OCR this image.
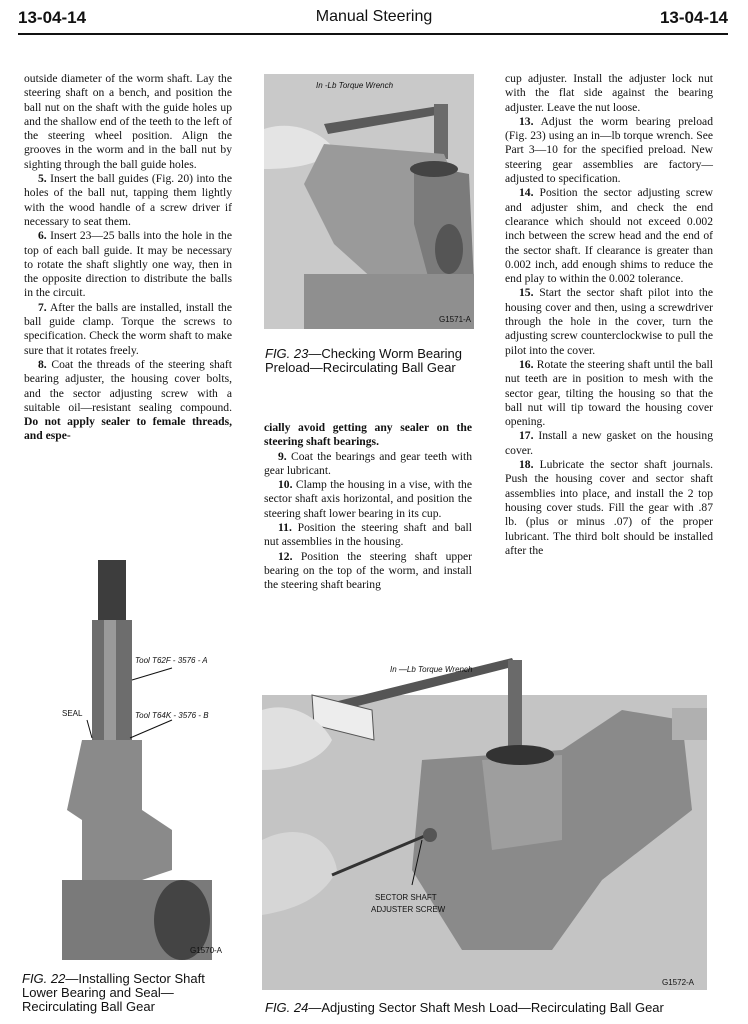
13-04-14	Manual Steering	13-04-14

outside diameter of the worm shaft. Lay the steering shaft on a bench, and position the ball nut on the shaft with the guide holes up and the shallow end of the teeth to the left of the steering wheel position. Align the grooves in the worm and in the ball nut by sighting through the ball guide holes.

5. Insert the ball guides (Fig. 20) into the holes of the ball nut, tapping them lightly with the wood handle of a screw driver if necessary to seat them.

6. Insert 23—25 balls into the hole in the top of each ball guide. It may be necessary to rotate the shaft slightly one way, then in the opposite direction to distribute the balls in the circuit.

7. After the balls are installed, install the ball guide clamp. Torque the screws to specification. Check the worm shaft to make sure that it rotates freely.

8. Coat the threads of the steering shaft bearing adjuster, the housing cover bolts, and the sector adjusting screw with a suitable oil—resistant sealing compound. Do not apply sealer to female threads, and espe-

cially avoid getting any sealer on the steering shaft bearings.

9. Coat the bearings and gear teeth with gear lubricant.

10. Clamp the housing in a vise, with the sector shaft axis horizontal, and position the steering shaft lower bearing in its cup.

11. Position the steering shaft and ball nut assemblies in the housing.

12. Position the steering shaft upper bearing on the top of the worm, and install the steering shaft bearing

cup adjuster. Install the adjuster lock nut with the flat side against the bearing adjuster. Leave the nut loose.

13. Adjust the worm bearing preload (Fig. 23) using an in—lb torque wrench. See Part 3—10 for the specified preload. New steering gear assemblies are factory—adjusted to specification.

14. Position the sector adjusting screw and adjuster shim, and check the end clearance which should not exceed 0.002 inch between the screw head and the end of the sector shaft. If clearance is greater than 0.002 inch, add enough shims to reduce the end play to within the 0.002 tolerance.

15. Start the sector shaft pilot into the housing cover and then, using a screwdriver through the hole in the cover, turn the adjusting screw counterclockwise to pull the pilot into the cover.

16. Rotate the steering shaft until the ball nut teeth are in position to mesh with the sector gear, tilting the housing so that the ball nut will tip toward the housing cover opening.

17. Install a new gasket on the housing cover.

18. Lubricate the sector shaft journals. Push the housing cover and sector shaft assemblies into place, and install the 2 top housing cover studs. Fill the gear with .87 lb. (plus or minus .07) of the proper lubricant. The third bolt should be installed after the

In -Lb Torque Wrench
G1571-A
FIG. 23—Checking Worm Bearing Preload—Recirculating Ball Gear
Tool T62F - 3576 - A
Tool T64K - 3576 - B
SEAL
G1570-A
FIG. 22—Installing Sector Shaft Lower Bearing and Seal—Recirculating Ball Gear
In —Lb Torque Wrench
SECTOR SHAFT
ADJUSTER SCREW
G1572-A
FIG. 24—Adjusting Sector Shaft Mesh Load—Recirculating Ball Gear
